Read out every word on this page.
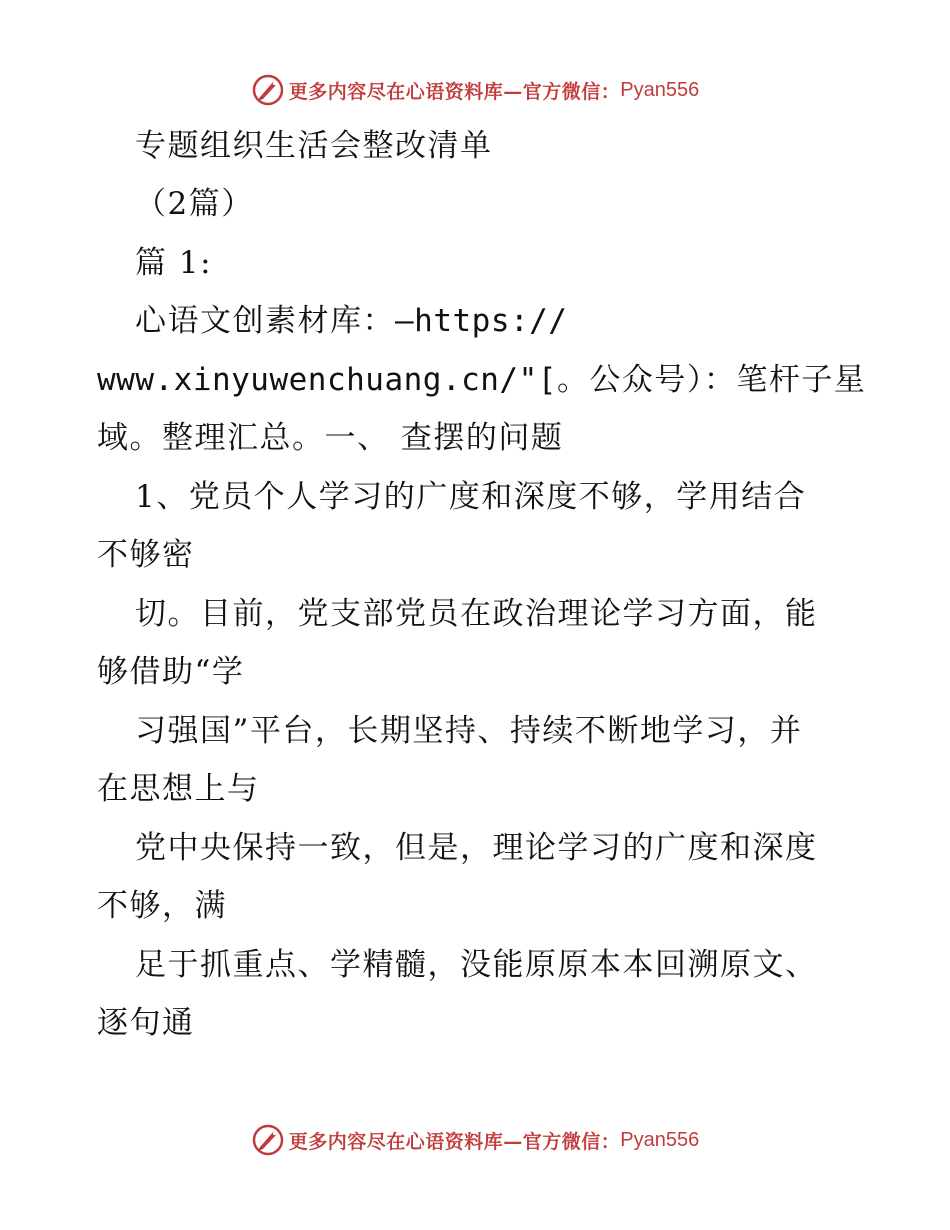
更多内容尽在心语资料库— 官方微信： Pyan556
专题组织生活会整改清单
（2篇）
篇 1:
心语文创素材库：—https://
www.xinyuwenchuang.cn/"[。公众号）：笔杆子星
域。整理汇总。一、 查摆的问题
1、党员个人学习的广度和深度不够，学用结合
不够密
切。目前，党支部党员在政治理论学习方面，能
够借助“学
习强国”平台，长期坚持、持续不断地学习，并
在思想上与
党中央保持一致，但是，理论学习的广度和深度
不够，满
足于抓重点、学精髓，没能原原本本回溯原文、
逐句通
更多内容尽在心语资料库— 官方微信： Pyan556
